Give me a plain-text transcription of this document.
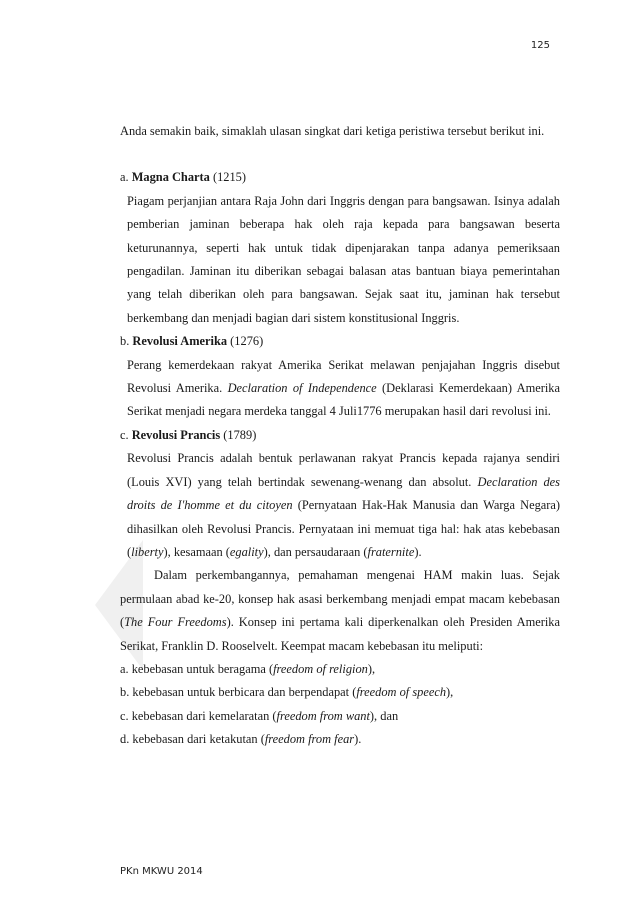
125

Anda semakin baik, simaklah ulasan singkat dari ketiga peristiwa tersebut berikut ini.

a. Magna Charta (1215)

Piagam perjanjian antara Raja John dari Inggris dengan para bangsawan. Isinya adalah pemberian jaminan beberapa hak oleh raja kepada para bangsawan beserta keturunannya, seperti hak untuk tidak dipenjarakan tanpa adanya pemeriksaan pengadilan. Jaminan itu diberikan sebagai balasan atas bantuan biaya pemerintahan yang telah diberikan oleh para bangsawan. Sejak saat itu, jaminan hak tersebut berkembang dan menjadi bagian dari sistem konstitusional Inggris.

b. Revolusi Amerika (1276)

Perang kemerdekaan rakyat Amerika Serikat melawan penjajahan Inggris disebut Revolusi Amerika. Declaration of Independence (Deklarasi Kemerdekaan) Amerika Serikat menjadi negara merdeka tanggal 4 Juli1776 merupakan hasil dari revolusi ini.

c. Revolusi Prancis (1789)

Revolusi Prancis adalah bentuk perlawanan rakyat Prancis kepada rajanya sendiri (Louis XVI) yang telah bertindak sewenang-wenang dan absolut. Declaration des droits de I'homme et du citoyen (Pernyataan Hak-Hak Manusia dan Warga Negara) dihasilkan oleh Revolusi Prancis. Pernyataan ini memuat tiga hal: hak atas kebebasan (liberty), kesamaan (egality), dan persaudaraan (fraternite).

Dalam perkembangannya, pemahaman mengenai HAM makin luas. Sejak permulaan abad ke-20, konsep hak asasi berkembang menjadi empat macam kebebasan (The Four Freedoms). Konsep ini pertama kali diperkenalkan oleh Presiden Amerika Serikat, Franklin D. Rooselvelt. Keempat macam kebebasan itu meliputi:

a. kebebasan untuk beragama (freedom of religion),

b. kebebasan untuk berbicara dan berpendapat (freedom of speech),

c. kebebasan dari kemelaratan (freedom from want), dan

d. kebebasan dari ketakutan (freedom from fear).

PKn MKWU 2014
